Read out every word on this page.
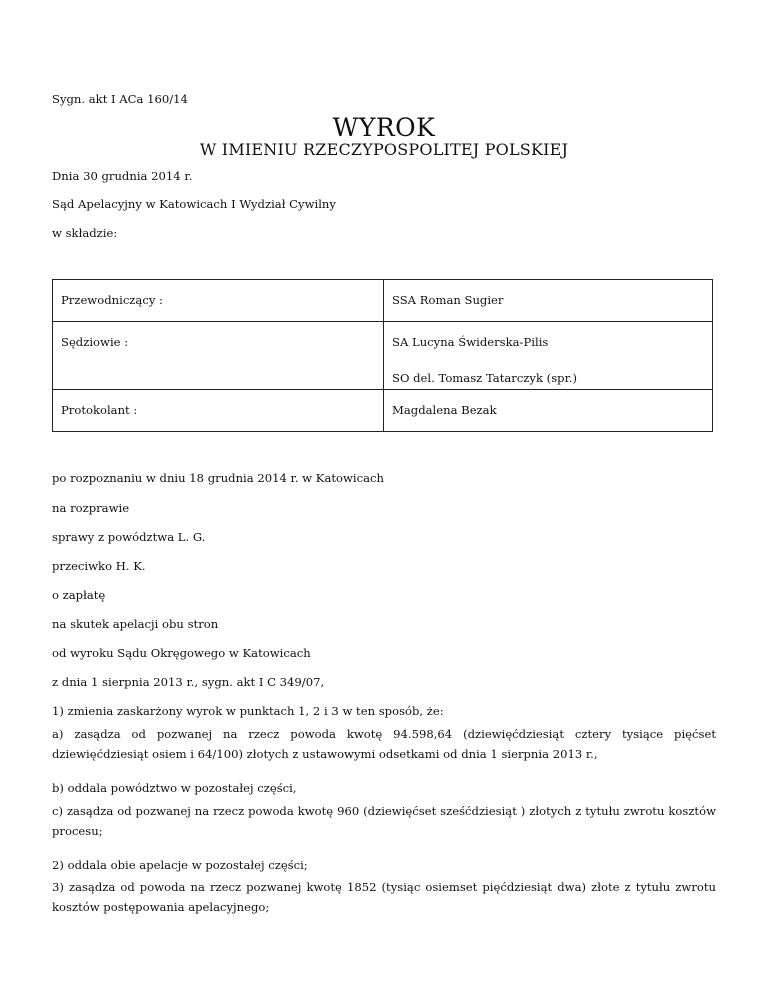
Sygn. akt I ACa 160/14
WYROK
W IMIENIU RZECZYPOSPOLITEJ POLSKIEJ
Dnia 30 grudnia 2014 r.
Sąd Apelacyjny w Katowicach I Wydział Cywilny
w składzie:
Przewodniczący :	SSA Roman Sugier

Sędziowie :	SA Lucyna Świderska-Pilis
SO del. Tomasz Tatarczyk (spr.)

Protokolant :	Magdalena Bezak
po rozpoznaniu w dniu 18 grudnia 2014 r. w Katowicach
na rozprawie
sprawy z powództwa L. G.
przeciwko H. K.
o zapłatę
na skutek apelacji obu stron
od wyroku Sądu Okręgowego w Katowicach
z dnia 1 sierpnia 2013 r., sygn. akt I C 349/07,
1) zmienia zaskarżony wyrok w punktach 1, 2 i 3 w ten sposób, że:
a) zasądza od pozwanej na rzecz powoda kwotę 94.598,64 (dziewięćdziesiąt cztery tysiące pięćset dziewięćdziesiąt osiem i 64/100) złotych z ustawowymi odsetkami od dnia 1 sierpnia 2013 r.,
b) oddala powództwo w pozostałej części,
c) zasądza od pozwanej na rzecz powoda kwotę 960 (dziewięćset sześćdziesiąt ) złotych z tytułu zwrotu kosztów procesu;
2) oddala obie apelacje w pozostałej części;
3) zasądza od powoda na rzecz pozwanej kwotę 1852 (tysiąc osiemset pięćdziesiąt dwa) złote z tytułu zwrotu kosztów postępowania apelacyjnego;
